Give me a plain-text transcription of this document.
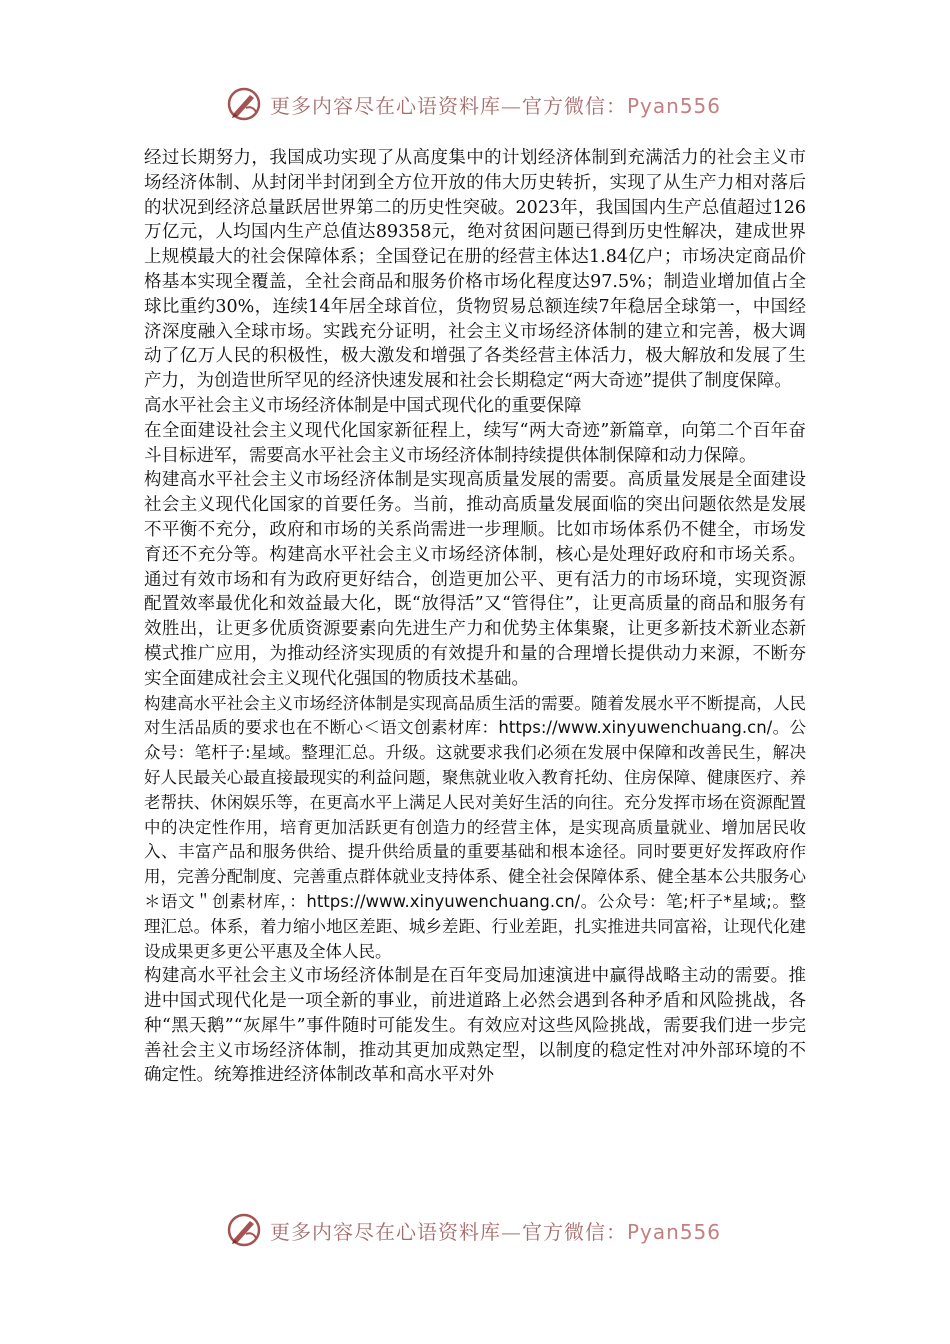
更多内容尽在心语资料库—官方微信：Pyan556

经过长期努力，我国成功实现了从高度集中的计划经济体制到充满活力的社会主义市场经济体制、从封闭半封闭到全方位开放的伟大历史转折，实现了从生产力相对落后的状况到经济总量跃居世界第二的历史性突破。2023年，我国国内生产总值超过126万亿元，人均国内生产总值达89358元，绝对贫困问题已得到历史性解决，建成世界上规模最大的社会保障体系；全国登记在册的经营主体达1.84亿户；市场决定商品价格基本实现全覆盖，全社会商品和服务价格市场化程度达97.5%；制造业增加值占全球比重约30%，连续14年居全球首位，货物贸易总额连续7年稳居全球第一，中国经济深度融入全球市场。实践充分证明，社会主义市场经济体制的建立和完善，极大调动了亿万人民的积极性，极大激发和增强了各类经营主体活力，极大解放和发展了生产力，为创造世所罕见的经济快速发展和社会长期稳定“两大奇迹”提供了制度保障。

高水平社会主义市场经济体制是中国式现代化的重要保障

在全面建设社会主义现代化国家新征程上，续写“两大奇迹”新篇章，向第二个百年奋斗目标进军，需要高水平社会主义市场经济体制持续提供体制保障和动力保障。

构建高水平社会主义市场经济体制是实现高质量发展的需要。高质量发展是全面建设社会主义现代化国家的首要任务。当前，推动高质量发展面临的突出问题依然是发展不平衡不充分，政府和市场的关系尚需进一步理顺。比如市场体系仍不健全，市场发育还不充分等。构建高水平社会主义市场经济体制，核心是处理好政府和市场关系。通过有效市场和有为政府更好结合，创造更加公平、更有活力的市场环境，实现资源配置效率最优化和效益最大化，既“放得活”又“管得住”，让更高质量的商品和服务有效胜出，让更多优质资源要素向先进生产力和优势主体集聚，让更多新技术新业态新模式推广应用，为推动经济实现质的有效提升和量的合理增长提供动力来源，不断夯实全面建成社会主义现代化强国的物质技术基础。

构建高水平社会主义市场经济体制是实现高品质生活的需要。随着发展水平不断提高，人民对生活品质的要求也在不断心＜语文创素材库：https://www.xinyuwenchuang.cn/。公众号：笔杆子:星域。整理汇总。升级。这就要求我们必须在发展中保障和改善民生，解决好人民最关心最直接最现实的利益问题，聚焦就业收入教育托幼、住房保障、健康医疗、养老帮扶、休闲娱乐等，在更高水平上满足人民对美好生活的向往。充分发挥市场在资源配置中的决定性作用，培育更加活跃更有创造力的经营主体，是实现高质量就业、增加居民收入、丰富产品和服务供给、提升供给质量的重要基础和根本途径。同时要更好发挥政府作用，完善分配制度、完善重点群体就业支持体系、健全社会保障体系、健全基本公共服务心＊语文＂创素材库，：https://www.xinyuwenchuang.cn/。公众号：笔;杆子*星域;。整理汇总。体系，着力缩小地区差距、城乡差距、行业差距，扎实推进共同富裕，让现代化建设成果更多更公平惠及全体人民。

构建高水平社会主义市场经济体制是在百年变局加速演进中赢得战略主动的需要。推进中国式现代化是一项全新的事业，前进道路上必然会遇到各种矛盾和风险挑战，各种“黑天鹅”“灰犀牛”事件随时可能发生。有效应对这些风险挑战，需要我们进一步完善社会主义市场经济体制，推动其更加成熟定型，以制度的稳定性对冲外部环境的不确定性。统筹推进经济体制改革和高水平对外

更多内容尽在心语资料库—官方微信：Pyan556
